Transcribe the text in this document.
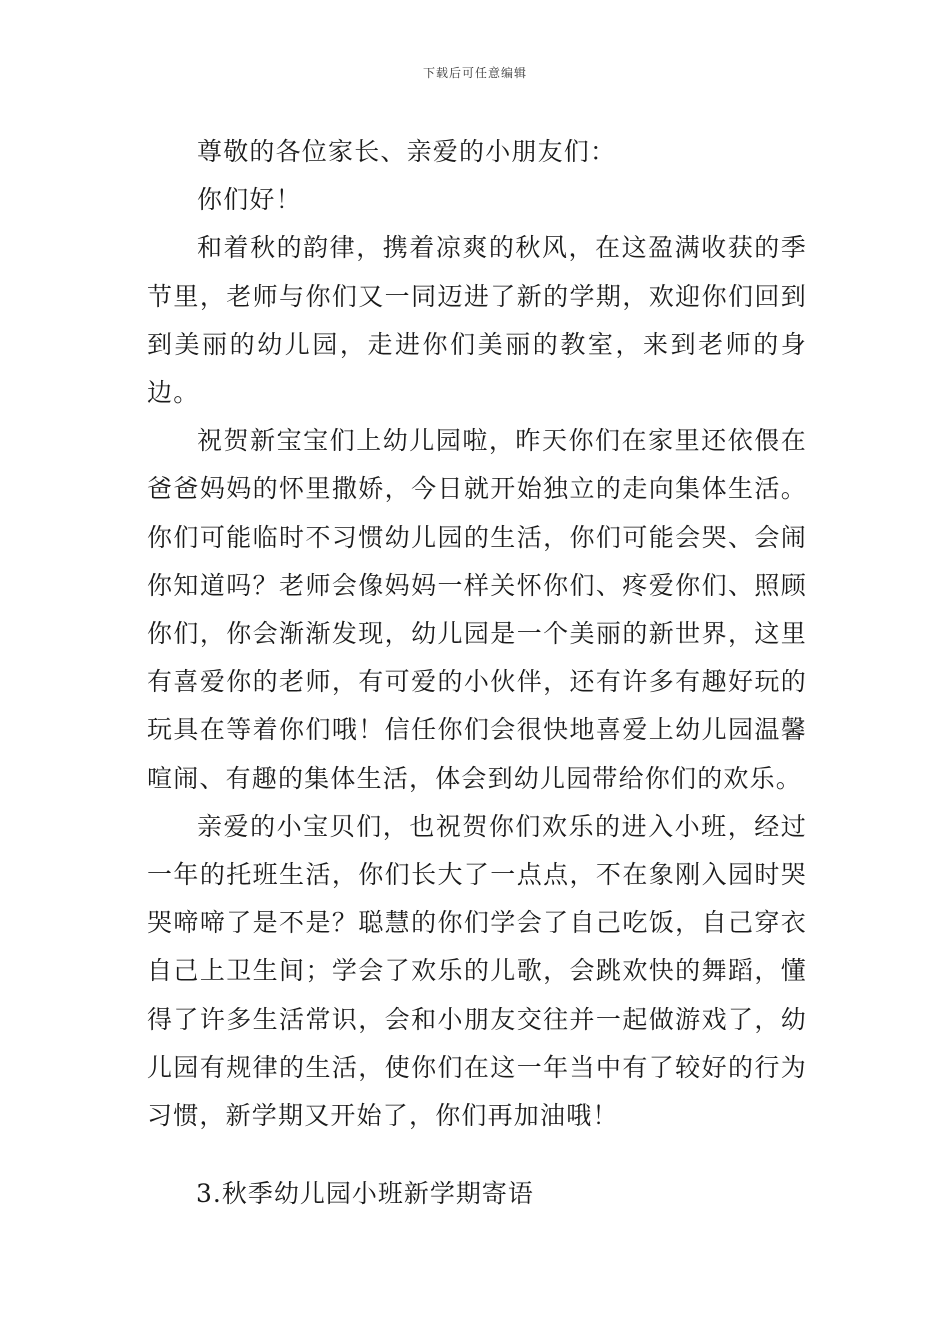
下载后可任意编辑

尊敬的各位家长、亲爱的小朋友们：

你们好！

和着秋的韵律，携着凉爽的秋风，在这盈满收获的季节里，老师与你们又一同迈进了新的学期，欢迎你们回到到美丽的幼儿园，走进你们美丽的教室，来到老师的身边。

祝贺新宝宝们上幼儿园啦，昨天你们在家里还依偎在爸爸妈妈的怀里撒娇，今日就开始独立的走向集体生活。你们可能临时不习惯幼儿园的生活，你们可能会哭、会闹你知道吗？老师会像妈妈一样关怀你们、疼爱你们、照顾你们，你会渐渐发现，幼儿园是一个美丽的新世界，这里有喜爱你的老师，有可爱的小伙伴，还有许多有趣好玩的玩具在等着你们哦！信任你们会很快地喜爱上幼儿园温馨喧闹、有趣的集体生活，体会到幼儿园带给你们的欢乐。

亲爱的小宝贝们，也祝贺你们欢乐的进入小班，经过一年的托班生活，你们长大了一点点，不在象刚入园时哭哭啼啼了是不是？聪慧的你们学会了自己吃饭，自己穿衣自己上卫生间；学会了欢乐的儿歌，会跳欢快的舞蹈，懂得了许多生活常识，会和小朋友交往并一起做游戏了，幼儿园有规律的生活，使你们在这一年当中有了较好的行为习惯，新学期又开始了，你们再加油哦！

3.秋季幼儿园小班新学期寄语
